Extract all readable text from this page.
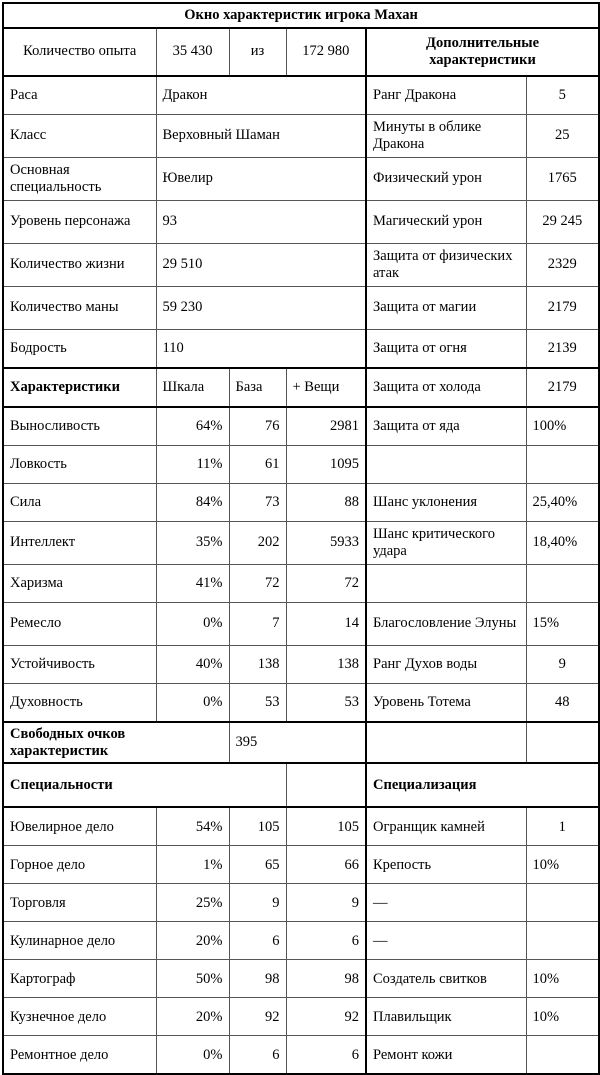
Окно характеристик игрока Махан					
Количество опыта	35 430	из	172 980	Дополнительные характеристики	
Раса	Дракон			Ранг Дракона	5
Класс	Верховный Шаман			Минуты в облике Дракона	25
Основная специальность	Ювелир			Физический урон	1765
Уровень персонажа	93			Магический урон	29 245
Количество жизни	29 510			Защита от физических атак	2329
Количество маны	59 230			Защита от магии	2179
Бодрость	110			Защита от огня	2139
Характеристики	Шкала	База	+ Вещи	Защита от холода	2179
Выносливость	64%	76	2981	Защита от яда	100%
Ловкость	11%	61	1095		
Сила	84%	73	88	Шанс уклонения	25,40%
Интеллект	35%	202	5933	Шанс критического удара	18,40%
Харизма	41%	72	72		
Ремесло	0%	7	14	Благословление Элуны	15%
Устойчивость	40%	138	138	Ранг Духов воды	9
Духовность	0%	53	53	Уровень Тотема	48
Свободных очков характеристик		395			
Специальности				Специализация	
Ювелирное дело	54%	105	105	Огранщик камней	1
Горное дело	1%	65	66	Крепость	10%
Торговля	25%	9	9	—	
Кулинарное дело	20%	6	6	—	
Картограф	50%	98	98	Создатель свитков	10%
Кузнечное дело	20%	92	92	Плавильщик	10%
Ремонтное дело	0%	6	6	Ремонт кожи	
